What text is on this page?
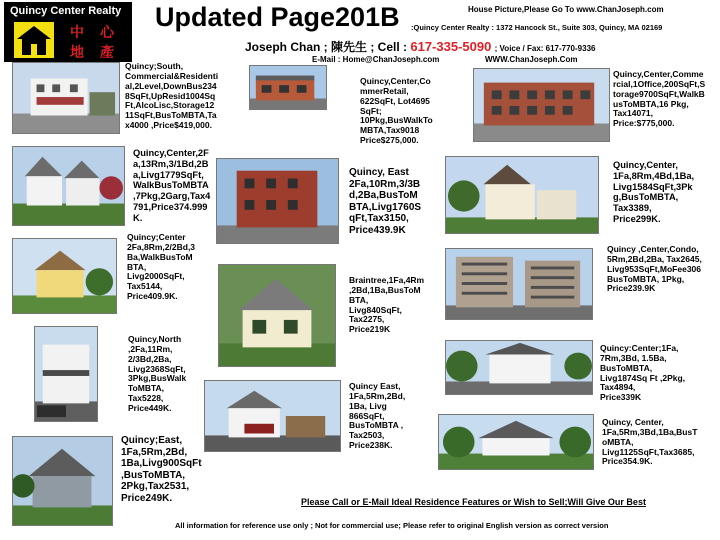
Quincy Center Realty
中 心
地 產
Updated Page201B	House Picture,Please Go To www.ChanJoseph.com
:Quincy Center Realty : 1372 Hancock St., Suite 303, Quincy, MA 02169
Joseph Chan ; 陳先生 ; Cell : 617-335-5090 ; Voice / Fax: 617-770-9336
E-Mail : Home@ChanJoseph.com	WWW.ChanJoseph.Com
Quincy;South,
Commercial&Residenti
al,2Level,DownBus234
8SqFt,UpResid1004Sq
Ft,AlcoLisc,Storage12
11SqFt,BusToMBTA,Ta
x4000 ,Price$419,000.
Quincy,Center,Co
mmerRetail,
622SqFt, Lot4695
SqFt;
10Pkg,BusWalkTo
MBTA,Tax9018
Price$275,000.
Quincy,Center,Comme
rcial,1Office,200SqFt,S
torage9700SqFt,WalkB
usToMBTA,16 Pkg,
Tax14071,
Price:$775,000.
Quincy,Center,2F
a,13Rm,3/1Bd,2B
a,Livg1779SqFt,
WalkBusToMBTA
,7Pkg,2Garg,Tax4
791,Price374.999
K.
Quincy, East
2Fa,10Rm,3/3B
d,2Ba,BusToM
BTA,Livg1760S
qFt,Tax3150,
Price439.9K
Quincy,Center,
1Fa,8Rm,4Bd,1Ba,
Livg1584SqFt,3Pk
g,BusToMBTA,
Tax3389,
Price299K.
Quincy;Center
2Fa,8Rm,2/2Bd,3
Ba,WalkBusToM
BTA,
Livg2000SqFt,
Tax5144,
Price409.9K.
Braintree,1Fa,4Rm
,2Bd,1Ba,BusToM
BTA,
Livg840SqFt,
Tax2275,
Price219K
Quincy ,Center,Condo,
5Rm,2Bd,2Ba, Tax2645,
Livg953SqFt,MoFee306
BusToMBTA, 1Pkg,
Price239.9K
Quincy,North
,2Fa,11Rm,
2/3Bd,2Ba,
Livg2368SqFt,
3Pkg,BusWalk
ToMBTA,
Tax5228,
Price449K.
Quincy:Center;1Fa,
7Rm,3Bd, 1.5Ba,
BusToMBTA,
Livg1874Sq Ft ,2Pkg,
Tax4894,
Price339K
Quincy East,
1Fa,5Rm,2Bd,
1Ba, Livg
866SqFt,
BusToMBTA ,
Tax2503,
Price238K.
Quincy;East,
1Fa,5Rm,2Bd,
1Ba,Livg900SqFt
,BusToMBTA,
2Pkg,Tax2531,
Price249K.
Quincy, Center,
1Fa,5Rm,3Bd,1Ba,BusT
oMBTA,
Livg1125SqFt,Tax3685,
Price354.9K.
Please Call or E-Mail Ideal Residence Features or Wish to Sell;Will Give Our Best
All information for reference use only ; Not for commercial use; Please refer to original English version as correct version
